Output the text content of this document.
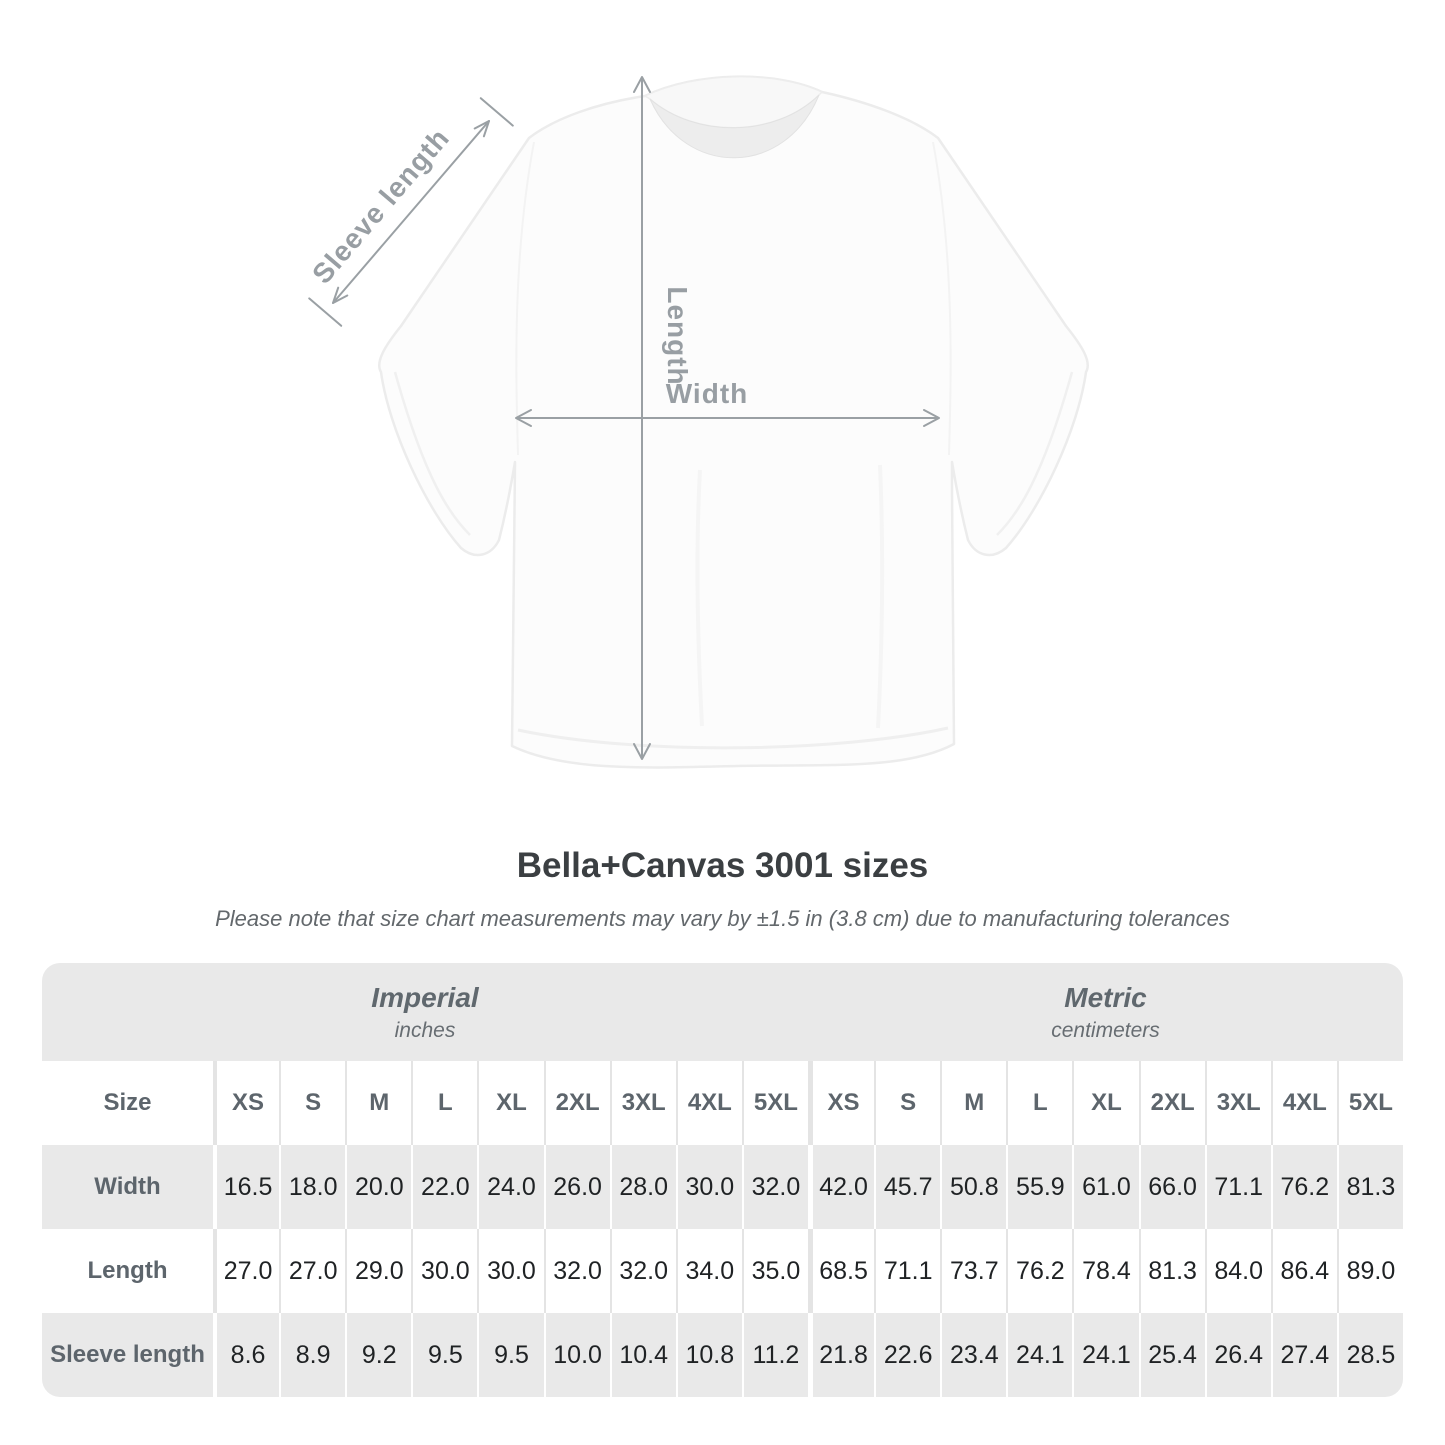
Width
Length
Sleeve length
Bella+Canvas 3001 sizes

Please note that size chart measurements may vary by ±1.5 in (3.8 cm) due to manufacturing tolerances

Imperial
inches
Metric
centimeters
Size	XS	S	M	L	XL	2XL 3XL 4XL 5XL	XS	S	M	L	XL	2XL 3XL 4XL 5XL
Width	16.5 18.0 20.0 22.0 24.0 26.0 28.0 30.0 32.0 42.0 45.7 50.8 55.9 61.0 66.0 71.1 76.2 81.3
Length	27.0 27.0 29.0 30.0 30.0 32.0 32.0 34.0 35.0 68.5 71.1 73.7 76.2 78.4 81.3 84.0 86.4 89.0
Sleeve length	8.6	8.9	9.2	9.5	9.5 10.0 10.4 10.8 11.2 21.8 22.6 23.4 24.1 24.1 25.4 26.4 27.4 28.5
